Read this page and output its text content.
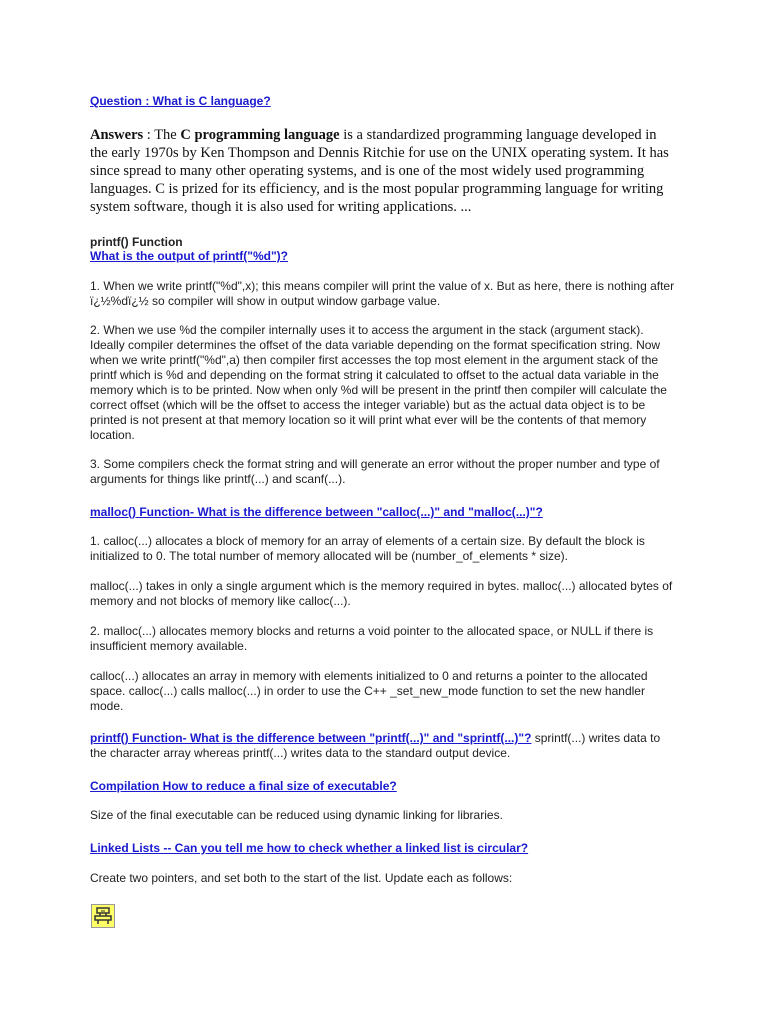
Question : What is C language?

Answers : The C programming language is a standardized programming language developed in the early 1970s by Ken Thompson and Dennis Ritchie for use on the UNIX operating system. It has since spread to many other operating systems, and is one of the most widely used programming languages. C is prized for its efficiency, and is the most popular programming language for writing system software, though it is also used for writing applications. ...

printf() Function
What is the output of printf("%d")?

1. When we write printf("%d",x); this means compiler will print the value of x. But as here, there is nothing after ï¿½%dï¿½ so compiler will show in output window garbage value.

2. When we use %d the compiler internally uses it to access the argument in the stack (argument stack). Ideally compiler determines the offset of the data variable depending on the format specification string. Now when we write printf("%d",a) then compiler first accesses the top most element in the argument stack of the printf which is %d and depending on the format string it calculated to offset to the actual data variable in the memory which is to be printed. Now when only %d will be present in the printf then compiler will calculate the correct offset (which will be the offset to access the integer variable) but as the actual data object is to be printed is not present at that memory location so it will print what ever will be the contents of that memory location.

3. Some compilers check the format string and will generate an error without the proper number and type of arguments for things like printf(...) and scanf(...).

malloc() Function- What is the difference between "calloc(...)" and "malloc(...)"?

1. calloc(...) allocates a block of memory for an array of elements of a certain size. By default the block is initialized to 0. The total number of memory allocated will be (number_of_elements * size).

malloc(...) takes in only a single argument which is the memory required in bytes. malloc(...) allocated bytes of memory and not blocks of memory like calloc(...).

2. malloc(...) allocates memory blocks and returns a void pointer to the allocated space, or NULL if there is insufficient memory available.

calloc(...) allocates an array in memory with elements initialized to 0 and returns a pointer to the allocated space. calloc(...) calls malloc(...) in order to use the C++ _set_new_mode function to set the new handler mode.

printf() Function- What is the difference between "printf(...)" and "sprintf(...)"? sprintf(...) writes data to the character array whereas printf(...) writes data to the standard output device.

Compilation How to reduce a final size of executable?

Size of the final executable can be reduced using dynamic linking for libraries.

Linked Lists -- Can you tell me how to check whether a linked list is circular?

Create two pointers, and set both to the start of the list. Update each as follows:
